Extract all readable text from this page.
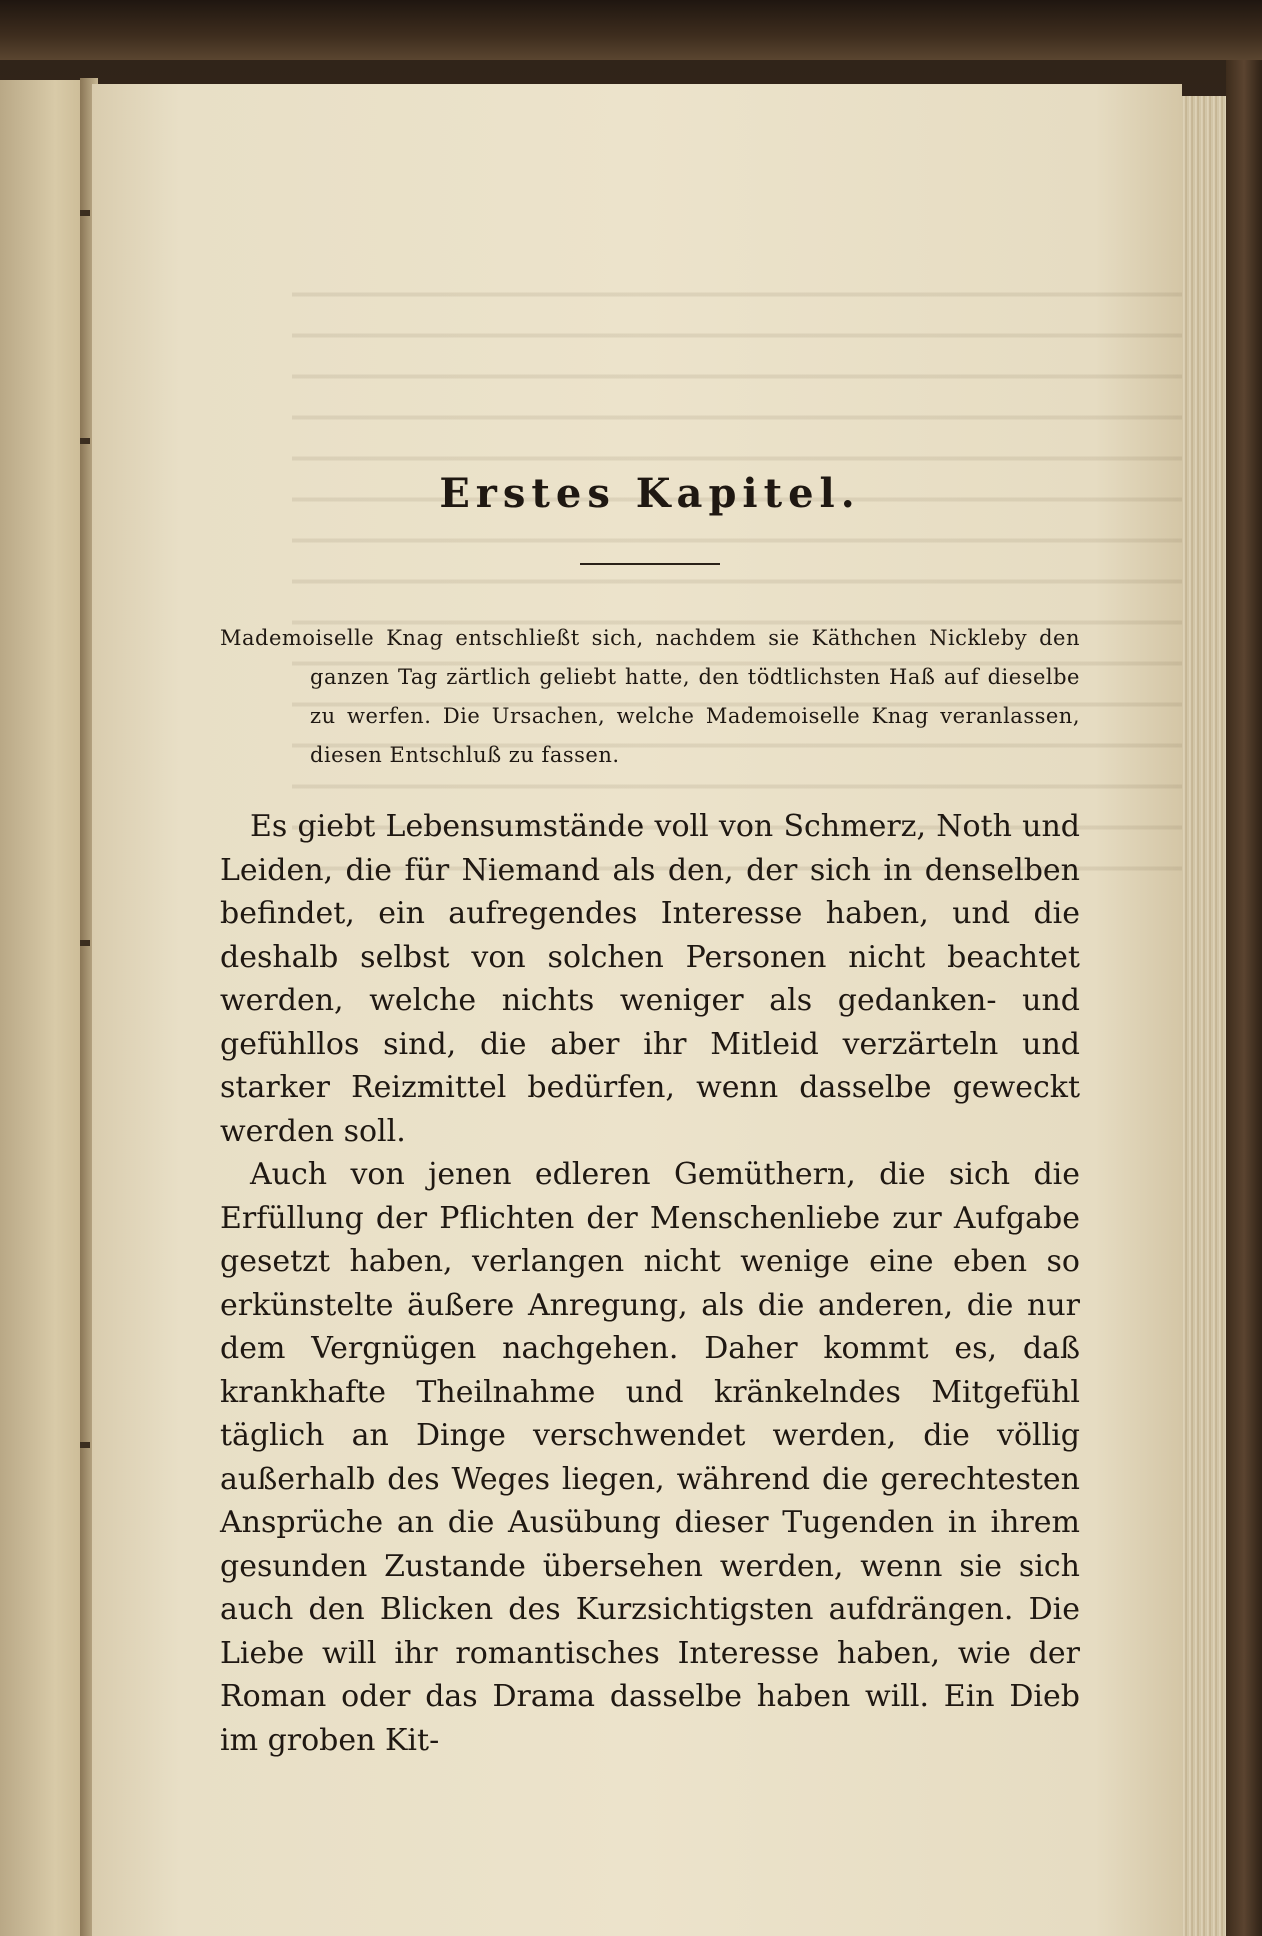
Erstes Kapitel.

Mademoiselle Knag entschließt sich, nachdem sie Käthchen Nickleby den ganzen Tag zärtlich geliebt hatte, den tödtlichsten Haß auf dieselbe zu werfen. Die Ursachen, welche Mademoiselle Knag veranlassen, diesen Entschluß zu fassen.

Es giebt Lebensumstände voll von Schmerz, Noth und Leiden, die für Niemand als den, der sich in denselben befindet, ein aufregendes Interesse haben, und die deshalb selbst von solchen Personen nicht beachtet werden, welche nichts weniger als gedanken- und gefühllos sind, die aber ihr Mitleid verzärteln und starker Reizmittel bedürfen, wenn dasselbe geweckt werden soll.

Auch von jenen edleren Gemüthern, die sich die Erfüllung der Pflichten der Menschenliebe zur Aufgabe gesetzt haben, verlangen nicht wenige eine eben so erkünstelte äußere Anregung, als die anderen, die nur dem Vergnügen nachgehen. Daher kommt es, daß krankhafte Theilnahme und kränkelndes Mitgefühl täglich an Dinge verschwendet werden, die völlig außerhalb des Weges liegen, während die gerechtesten Ansprüche an die Ausübung dieser Tugenden in ihrem gesunden Zustande übersehen werden, wenn sie sich auch den Blicken des Kurzsichtigsten aufdrängen. Die Liebe will ihr romantisches Interesse haben, wie der Roman oder das Drama dasselbe haben will. Ein Dieb im groben Kit-
